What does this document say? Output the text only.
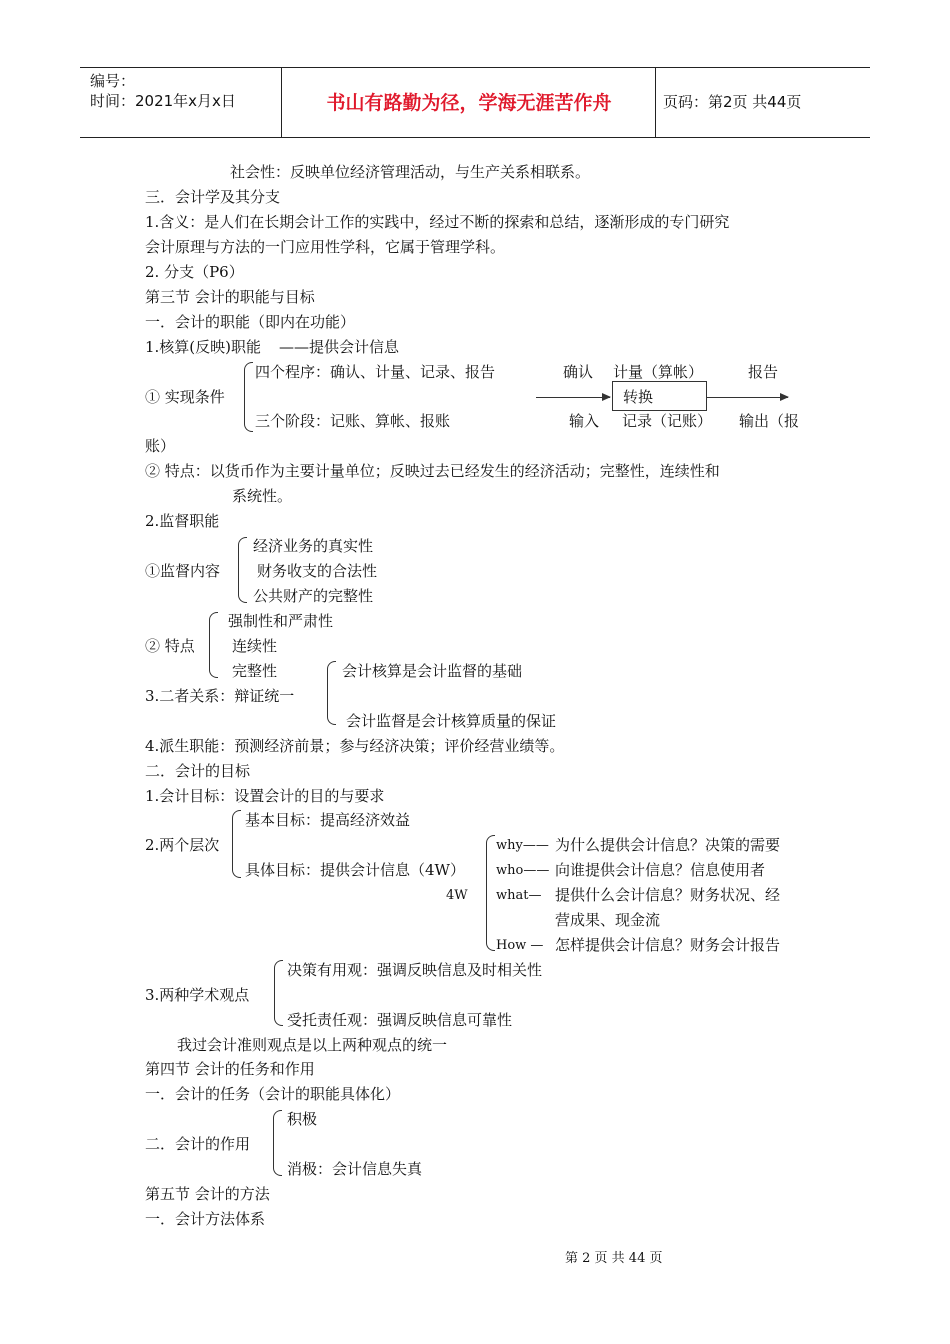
编号：
时间：2021年x月x日	书山有路勤为径，学海无涯苦作舟	页码：第2页 共44页
社会性：反映单位经济管理活动，与生产关系相联系。
三．会计学及其分支
1.含义：是人们在长期会计工作的实践中，经过不断的探索和总结，逐渐形成的专门研究
会计原理与方法的一门应用性学科，它属于管理学科。
2. 分支（P6）
第三节 会计的职能与目标
一．会计的职能（即内在功能）
1.核算(反映)职能 ——提供会计信息
四个程序：确认、计量、记录、报告	确认 计量（算帐）	报告
① 实现条件	转换
三个阶段：记账、算帐、报账	输入 记录（记账） 输出（报
账）
② 特点：以货币作为主要计量单位；反映过去已经发生的经济活动；完整性，连续性和
系统性。
2.监督职能
经济业务的真实性
①监督内容 财务收支的合法性
公共财产的完整性
强制性和严肃性
② 特点 连续性
完整性	会计核算是会计监督的基础
3.二者关系：辩证统一
会计监督是会计核算质量的保证
4.派生职能：预测经济前景；参与经济决策；评价经营业绩等。
二．会计的目标
1.会计目标：设置会计的目的与要求
基本目标：提高经济效益
2.两个层次	why—— 为什么提供会计信息？决策的需要
具体目标：提供会计信息（4W） who—— 向谁提供会计信息？信息使用者
4W what— 提供什么会计信息？财务状况、经
营成果、现金流
How — 怎样提供会计信息？财务会计报告
决策有用观：强调反映信息及时相关性
3.两种学术观点
受托责任观：强调反映信息可靠性
我过会计准则观点是以上两种观点的统一
第四节 会计的任务和作用
一．会计的任务（会计的职能具体化）
积极
二．会计的作用
消极：会计信息失真
第五节 会计的方法
一．会计方法体系
第 2 页 共 44 页
